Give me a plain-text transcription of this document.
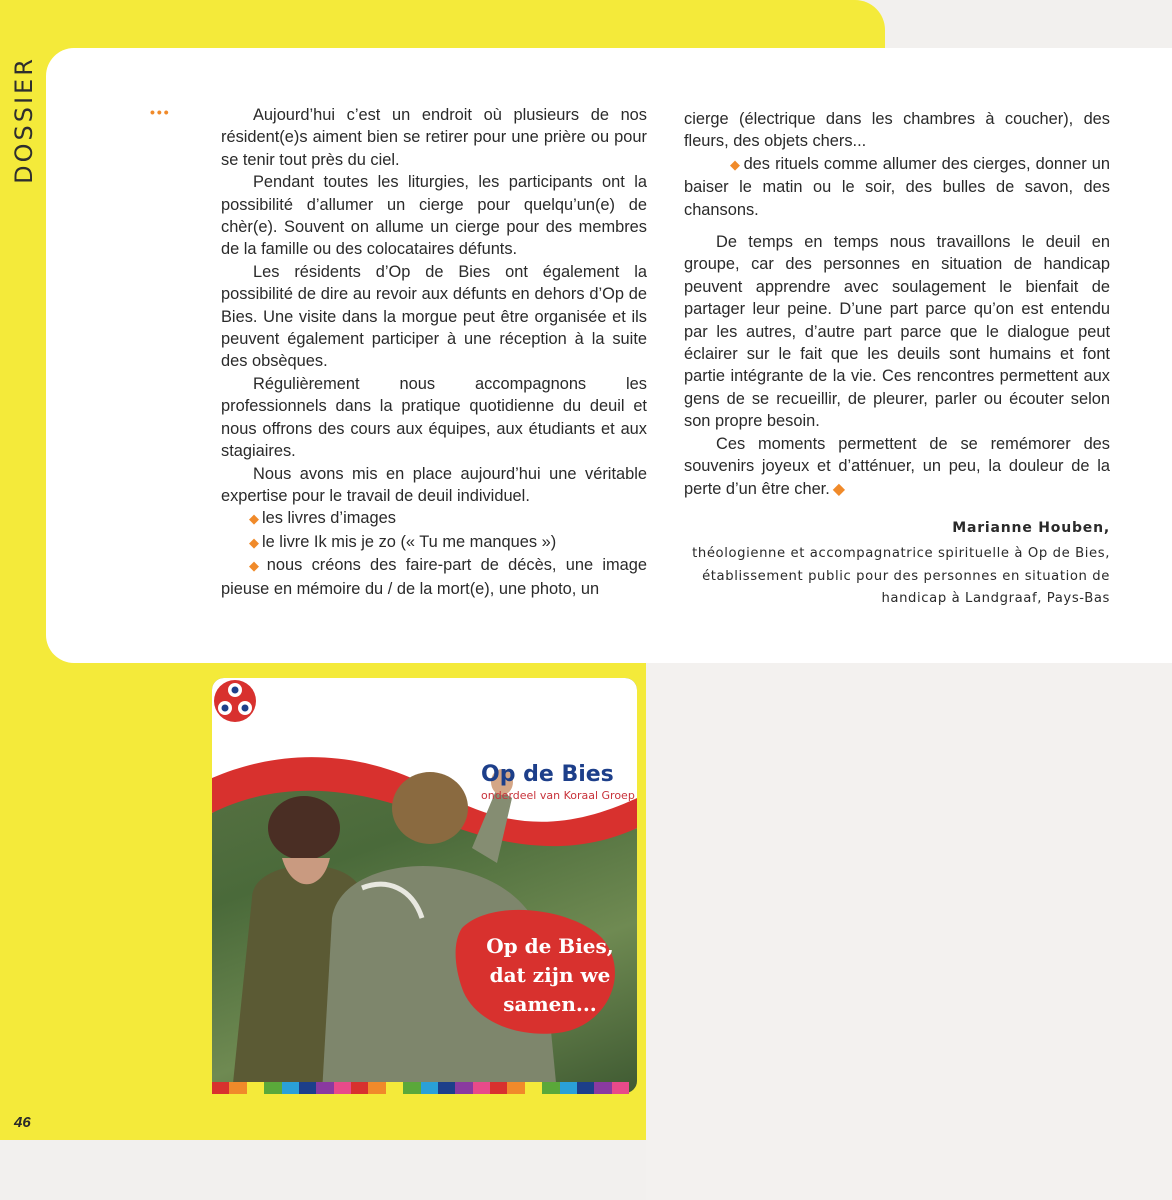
DOSSIER	•••	Aujourd’hui c’est un endroit où plusieurs de nos résident(e)s aiment bien se retirer pour une prière ou pour se tenir tout près du ciel.

Pendant toutes les liturgies, les participants ont la possibilité d’allumer un cierge pour quelqu’un(e) de chèr(e). Souvent on allume un cierge pour des membres de la famille ou des colocataires défunts.

Les résidents d’Op de Bies ont également la possibilité de dire au revoir aux défunts en dehors d’Op de Bies. Une visite dans la morgue peut être organisée et ils peuvent également participer à une réception à la suite des obsèques.

Régulièrement nous accompagnons les professionnels dans la pratique quotidienne du deuil et nous offrons des cours aux équipes, aux étudiants et aux stagiaires.

Nous avons mis en place aujourd’hui une véritable expertise pour le travail de deuil individuel.

◆ les livres d’images
◆ le livre Ik mis je zo (« Tu me manques »)
◆ nous créons des faire-part de décès, une image pieuse en mémoire du / de la mort(e), une photo, un

cierge (électrique dans les chambres à coucher), des fleurs, des objets chers...

◆ des rituels comme allumer des cierges, donner un baiser le matin ou le soir, des bulles de savon, des chansons.

De temps en temps nous travaillons le deuil en groupe, car des personnes en situation de handicap peuvent apprendre avec soulagement le bienfait de partager leur peine. D’une part parce qu’on est entendu par les autres, d’autre part parce que le dialogue peut éclairer sur le fait que les deuils sont humains et font partie intégrante de la vie. Ces rencontres permettent aux gens de se recueillir, de pleurer, parler ou écouter selon son propre besoin.

Ces moments permettent de se remémorer des souvenirs joyeux et d’atténuer, un peu, la douleur de la perte d’un être cher. ◆

Marianne Houben,
théologienne et accompagnatrice spirituelle à Op de Bies,
établissement public pour des personnes en situation de
handicap à Landgraaf, Pays-Bas
Op de Bies
onderdeel van Koraal Groep
Op de Bies,
dat zijn we
samen...
46
